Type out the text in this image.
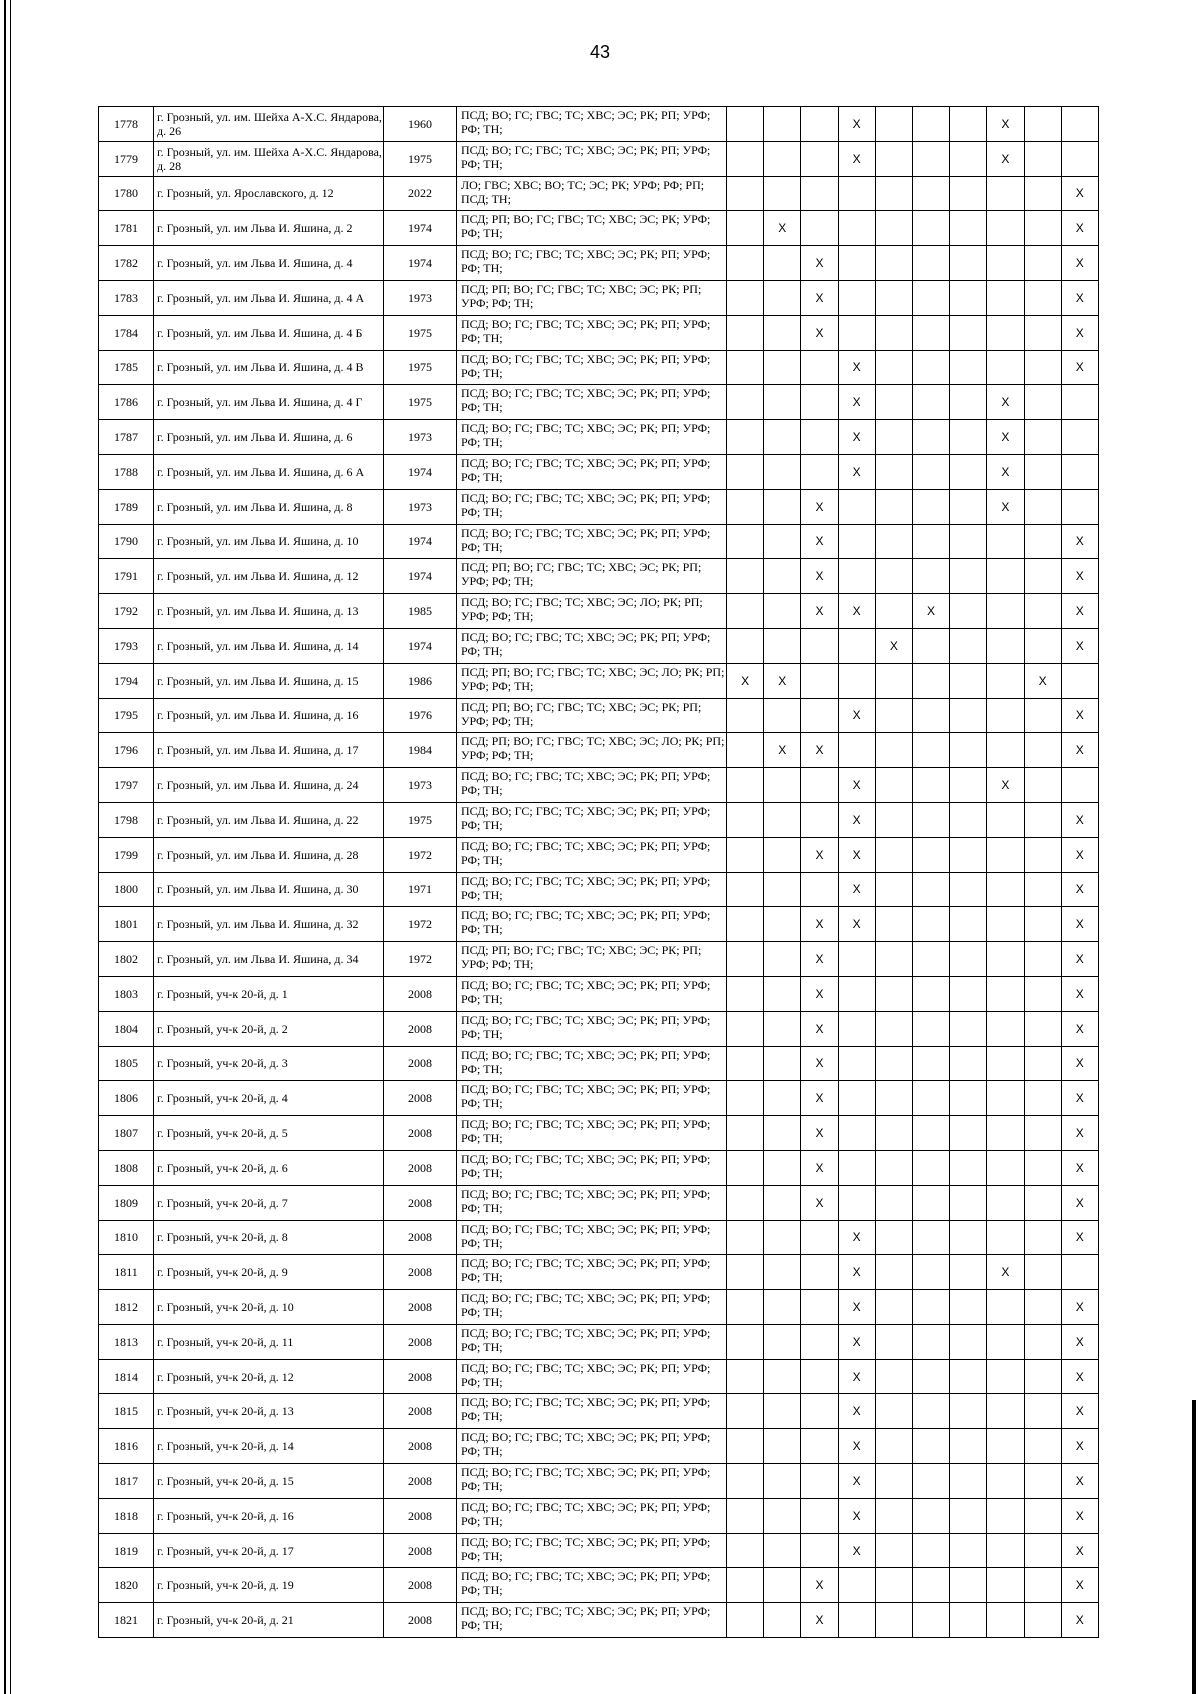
43
1778	г. Грозный, ул. им. Шейха А-Х.С. Яндарова, д. 26	1960	ПСД; ВО; ГС; ГВС; ТС; ХВС; ЭС; РК; РП; УРФ; РФ; ТН;				X				X		
1779	г. Грозный, ул. им. Шейха А-Х.С. Яндарова, д. 28	1975	ПСД; ВО; ГС; ГВС; ТС; ХВС; ЭС; РК; РП; УРФ; РФ; ТН;				X				X		
1780	г. Грозный, ул. Ярославского, д. 12	2022	ЛО; ГВС; ХВС; ВО; ТС; ЭС; РК; УРФ; РФ; РП; ПСД; ТН;										X
1781	г. Грозный, ул. им Льва И. Яшина, д. 2	1974	ПСД; РП; ВО; ГС; ГВС; ТС; ХВС; ЭС; РК; УРФ; РФ; ТН;		X								X
1782	г. Грозный, ул. им Льва И. Яшина, д. 4	1974	ПСД; ВО; ГС; ГВС; ТС; ХВС; ЭС; РК; РП; УРФ; РФ; ТН;			X							X
1783	г. Грозный, ул. им Льва И. Яшина, д. 4 А	1973	ПСД; РП; ВО; ГС; ГВС; ТС; ХВС; ЭС; РК; РП; УРФ; РФ; ТН;			X							X
1784	г. Грозный, ул. им Льва И. Яшина, д. 4 Б	1975	ПСД; ВО; ГС; ГВС; ТС; ХВС; ЭС; РК; РП; УРФ; РФ; ТН;			X							X
1785	г. Грозный, ул. им Льва И. Яшина, д. 4 В	1975	ПСД; ВО; ГС; ГВС; ТС; ХВС; ЭС; РК; РП; УРФ; РФ; ТН;				X						X
1786	г. Грозный, ул. им Льва И. Яшина, д. 4 Г	1975	ПСД; ВО; ГС; ГВС; ТС; ХВС; ЭС; РК; РП; УРФ; РФ; ТН;				X				X		
1787	г. Грозный, ул. им Льва И. Яшина, д. 6	1973	ПСД; ВО; ГС; ГВС; ТС; ХВС; ЭС; РК; РП; УРФ; РФ; ТН;				X				X		
1788	г. Грозный, ул. им Льва И. Яшина, д. 6 А	1974	ПСД; ВО; ГС; ГВС; ТС; ХВС; ЭС; РК; РП; УРФ; РФ; ТН;				X				X		
1789	г. Грозный, ул. им Льва И. Яшина, д. 8	1973	ПСД; ВО; ГС; ГВС; ТС; ХВС; ЭС; РК; РП; УРФ; РФ; ТН;			X					X		
1790	г. Грозный, ул. им Льва И. Яшина, д. 10	1974	ПСД; ВО; ГС; ГВС; ТС; ХВС; ЭС; РК; РП; УРФ; РФ; ТН;			X							X
1791	г. Грозный, ул. им Льва И. Яшина, д. 12	1974	ПСД; РП; ВО; ГС; ГВС; ТС; ХВС; ЭС; РК; РП; УРФ; РФ; ТН;			X							X
1792	г. Грозный, ул. им Льва И. Яшина, д. 13	1985	ПСД; ВО; ГС; ГВС; ТС; ХВС; ЭС; ЛО; РК; РП; УРФ; РФ; ТН;			X	X		X				X
1793	г. Грозный, ул. им Льва И. Яшина, д. 14	1974	ПСД; ВО; ГС; ГВС; ТС; ХВС; ЭС; РК; РП; УРФ; РФ; ТН;					X					X
1794	г. Грозный, ул. им Льва И. Яшина, д. 15	1986	ПСД; РП; ВО; ГС; ГВС; ТС; ХВС; ЭС; ЛО; РК; РП; УРФ; РФ; ТН;	X	X							X	
1795	г. Грозный, ул. им Льва И. Яшина, д. 16	1976	ПСД; РП; ВО; ГС; ГВС; ТС; ХВС; ЭС; РК; РП; УРФ; РФ; ТН;				X						X
1796	г. Грозный, ул. им Льва И. Яшина, д. 17	1984	ПСД; РП; ВО; ГС; ГВС; ТС; ХВС; ЭС; ЛО; РК; РП; УРФ; РФ; ТН;		X	X							X
1797	г. Грозный, ул. им Льва И. Яшина, д. 24	1973	ПСД; ВО; ГС; ГВС; ТС; ХВС; ЭС; РК; РП; УРФ; РФ; ТН;				X				X		
1798	г. Грозный, ул. им Льва И. Яшина, д. 22	1975	ПСД; ВО; ГС; ГВС; ТС; ХВС; ЭС; РК; РП; УРФ; РФ; ТН;				X						X
1799	г. Грозный, ул. им Льва И. Яшина, д. 28	1972	ПСД; ВО; ГС; ГВС; ТС; ХВС; ЭС; РК; РП; УРФ; РФ; ТН;			X	X						X
1800	г. Грозный, ул. им Льва И. Яшина, д. 30	1971	ПСД; ВО; ГС; ГВС; ТС; ХВС; ЭС; РК; РП; УРФ; РФ; ТН;				X						X
1801	г. Грозный, ул. им Льва И. Яшина, д. 32	1972	ПСД; ВО; ГС; ГВС; ТС; ХВС; ЭС; РК; РП; УРФ; РФ; ТН;			X	X						X
1802	г. Грозный, ул. им Льва И. Яшина, д. 34	1972	ПСД; РП; ВО; ГС; ГВС; ТС; ХВС; ЭС; РК; РП; УРФ; РФ; ТН;			X							X
1803	г. Грозный, уч-к 20-й, д. 1	2008	ПСД; ВО; ГС; ГВС; ТС; ХВС; ЭС; РК; РП; УРФ; РФ; ТН;			X							X
1804	г. Грозный, уч-к 20-й, д. 2	2008	ПСД; ВО; ГС; ГВС; ТС; ХВС; ЭС; РК; РП; УРФ; РФ; ТН;			X							X
1805	г. Грозный, уч-к 20-й, д. 3	2008	ПСД; ВО; ГС; ГВС; ТС; ХВС; ЭС; РК; РП; УРФ; РФ; ТН;			X							X
1806	г. Грозный, уч-к 20-й, д. 4	2008	ПСД; ВО; ГС; ГВС; ТС; ХВС; ЭС; РК; РП; УРФ; РФ; ТН;			X							X
1807	г. Грозный, уч-к 20-й, д. 5	2008	ПСД; ВО; ГС; ГВС; ТС; ХВС; ЭС; РК; РП; УРФ; РФ; ТН;			X							X
1808	г. Грозный, уч-к 20-й, д. 6	2008	ПСД; ВО; ГС; ГВС; ТС; ХВС; ЭС; РК; РП; УРФ; РФ; ТН;			X							X
1809	г. Грозный, уч-к 20-й, д. 7	2008	ПСД; ВО; ГС; ГВС; ТС; ХВС; ЭС; РК; РП; УРФ; РФ; ТН;			X							X
1810	г. Грозный, уч-к 20-й, д. 8	2008	ПСД; ВО; ГС; ГВС; ТС; ХВС; ЭС; РК; РП; УРФ; РФ; ТН;				X						X
1811	г. Грозный, уч-к 20-й, д. 9	2008	ПСД; ВО; ГС; ГВС; ТС; ХВС; ЭС; РК; РП; УРФ; РФ; ТН;				X				X		
1812	г. Грозный, уч-к 20-й, д. 10	2008	ПСД; ВО; ГС; ГВС; ТС; ХВС; ЭС; РК; РП; УРФ; РФ; ТН;				X						X
1813	г. Грозный, уч-к 20-й, д. 11	2008	ПСД; ВО; ГС; ГВС; ТС; ХВС; ЭС; РК; РП; УРФ; РФ; ТН;				X						X
1814	г. Грозный, уч-к 20-й, д. 12	2008	ПСД; ВО; ГС; ГВС; ТС; ХВС; ЭС; РК; РП; УРФ; РФ; ТН;				X						X
1815	г. Грозный, уч-к 20-й, д. 13	2008	ПСД; ВО; ГС; ГВС; ТС; ХВС; ЭС; РК; РП; УРФ; РФ; ТН;				X						X
1816	г. Грозный, уч-к 20-й, д. 14	2008	ПСД; ВО; ГС; ГВС; ТС; ХВС; ЭС; РК; РП; УРФ; РФ; ТН;				X						X
1817	г. Грозный, уч-к 20-й, д. 15	2008	ПСД; ВО; ГС; ГВС; ТС; ХВС; ЭС; РК; РП; УРФ; РФ; ТН;				X						X
1818	г. Грозный, уч-к 20-й, д. 16	2008	ПСД; ВО; ГС; ГВС; ТС; ХВС; ЭС; РК; РП; УРФ; РФ; ТН;				X						X
1819	г. Грозный, уч-к 20-й, д. 17	2008	ПСД; ВО; ГС; ГВС; ТС; ХВС; ЭС; РК; РП; УРФ; РФ; ТН;				X						X
1820	г. Грозный, уч-к 20-й, д. 19	2008	ПСД; ВО; ГС; ГВС; ТС; ХВС; ЭС; РК; РП; УРФ; РФ; ТН;			X							X
1821	г. Грозный, уч-к 20-й, д. 21	2008	ПСД; ВО; ГС; ГВС; ТС; ХВС; ЭС; РК; РП; УРФ; РФ; ТН;			X							X
